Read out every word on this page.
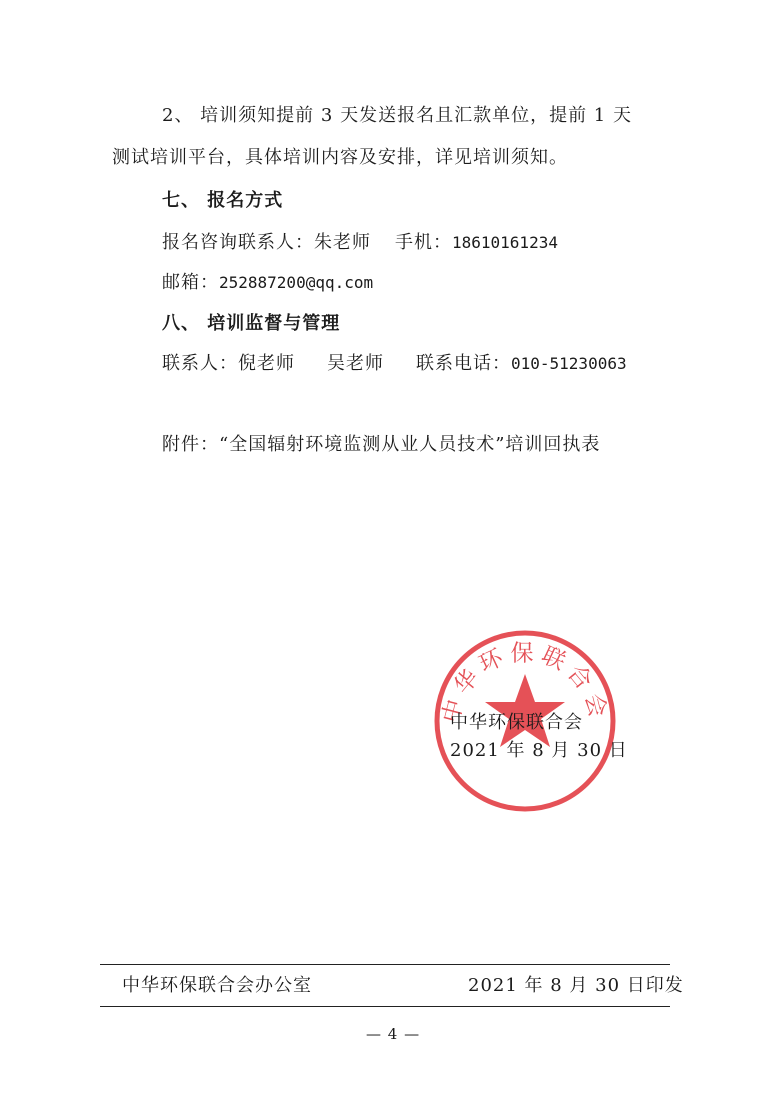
2、 培训须知提前 3 天发送报名且汇款单位，提前 1 天
测试培训平台，具体培训内容及安排，详见培训须知。
七、 报名方式
报名咨询联系人：朱老师 手机：18610161234
邮箱：252887200@qq.com
八、 培训监督与管理
联系人：倪老师 吴老师 联系电话：010-51230063
附件：“全国辐射环境监测从业人员技术”培训回执表
中华环保联合会
中华环保联合会
2021 年 8 月 30 日
中华环保联合会办公室	2021 年 8 月 30 日印发
— 4 —
